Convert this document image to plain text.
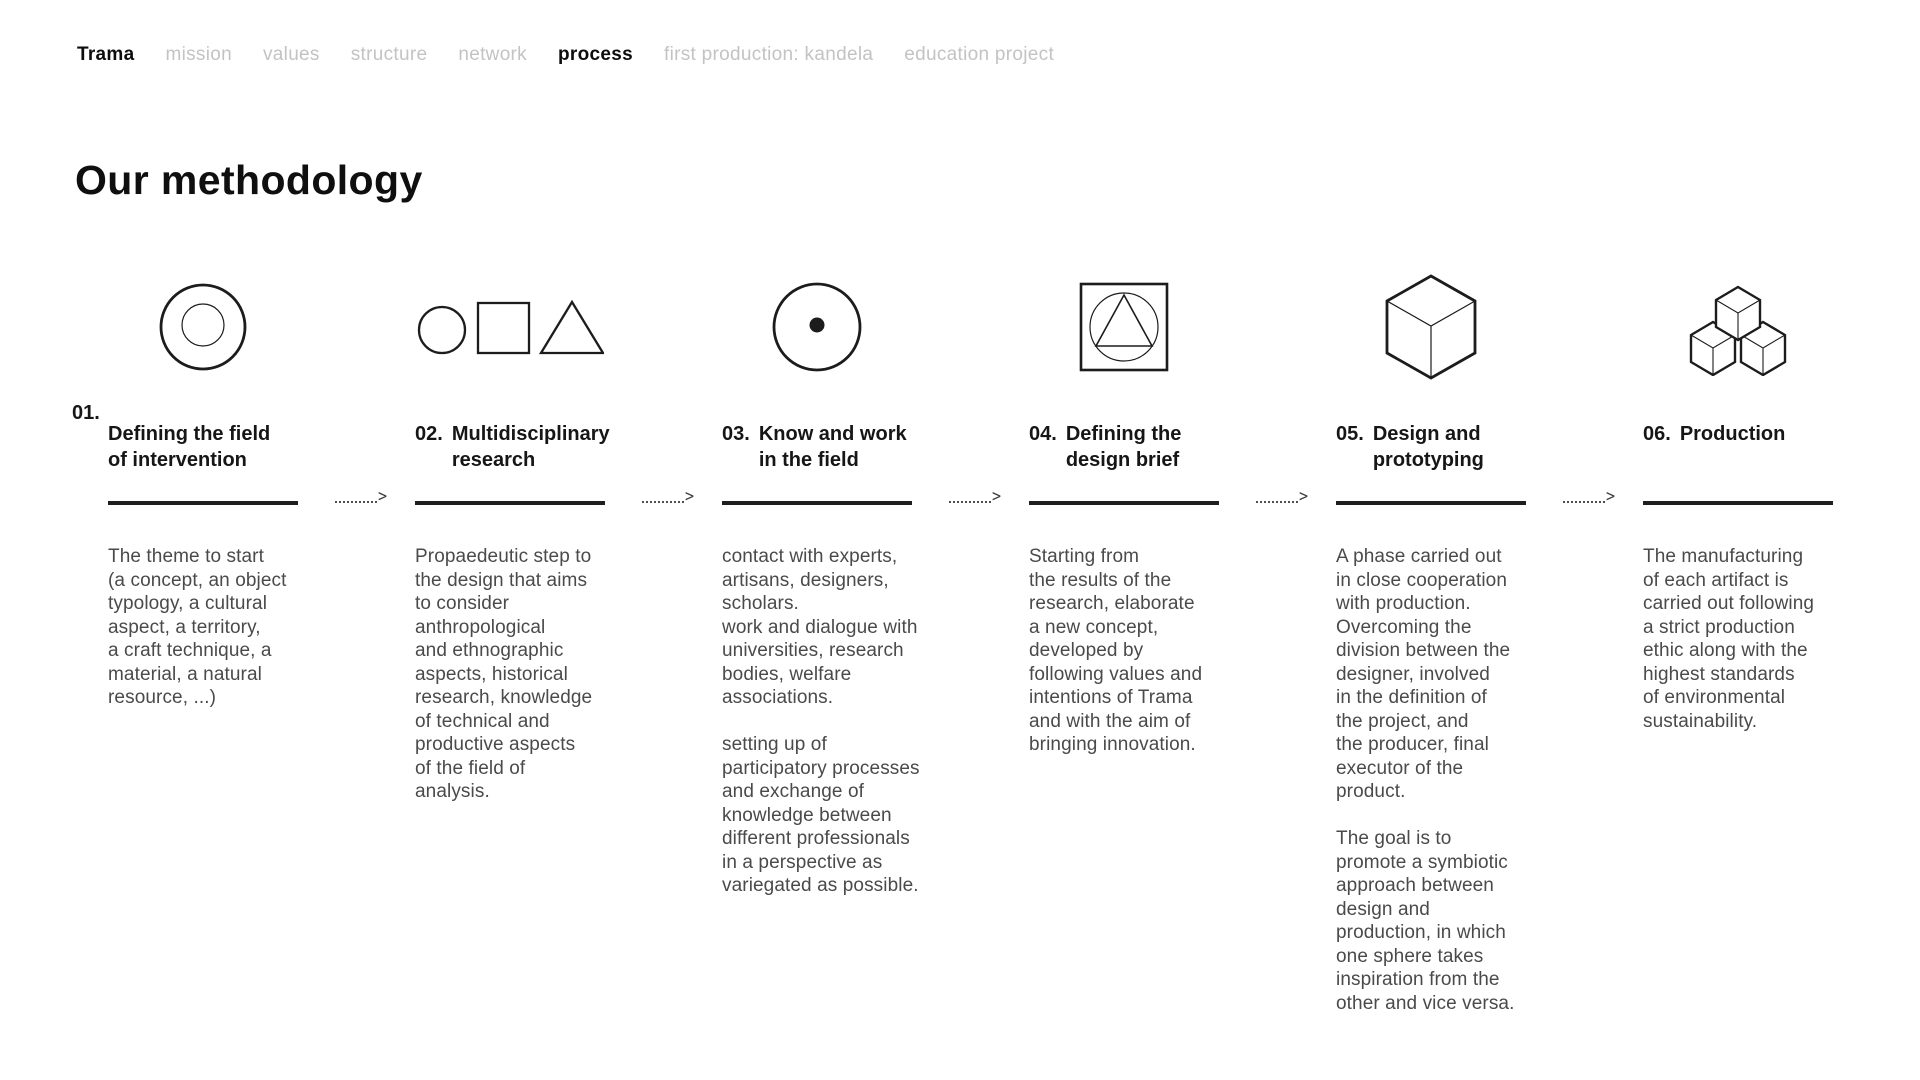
Trama mission values structure network process first production: kandela education project
Our methodology
01.
Defining the field
of intervention

The theme to start
(a concept, an object
typology, a cultural
aspect, a territory,
a craft technique, a
material, a natural
resource, ...)

>
02. Multidisciplinary
research

Propaedeutic step to
the design that aims
to consider
anthropological
and ethnographic
aspects, historical
research, knowledge
of technical and
productive aspects
of the field of
analysis.

>
03. Know and work
in the field

contact with experts,
artisans, designers,
scholars.
work and dialogue with
universities, research
bodies, welfare
associations.

setting up of
participatory processes
and exchange of
knowledge between
different professionals
in a perspective as
variegated as possible.

>
04. Defining the
design brief

Starting from
the results of the
research, elaborate
a new concept,
developed by
following values and
intentions of Trama
and with the aim of
bringing innovation.

>
05. Design and
prototyping

A phase carried out
in close cooperation
with production.
Overcoming the
division between the
designer, involved
in the definition of
the project, and
the producer, final
executor of the
product.

The goal is to
promote a symbiotic
approach between
design and
production, in which
one sphere takes
inspiration from the
other and vice versa.

>
06. Production

The manufacturing
of each artifact is
carried out following
a strict production
ethic along with the
highest standards
of environmental
sustainability.
